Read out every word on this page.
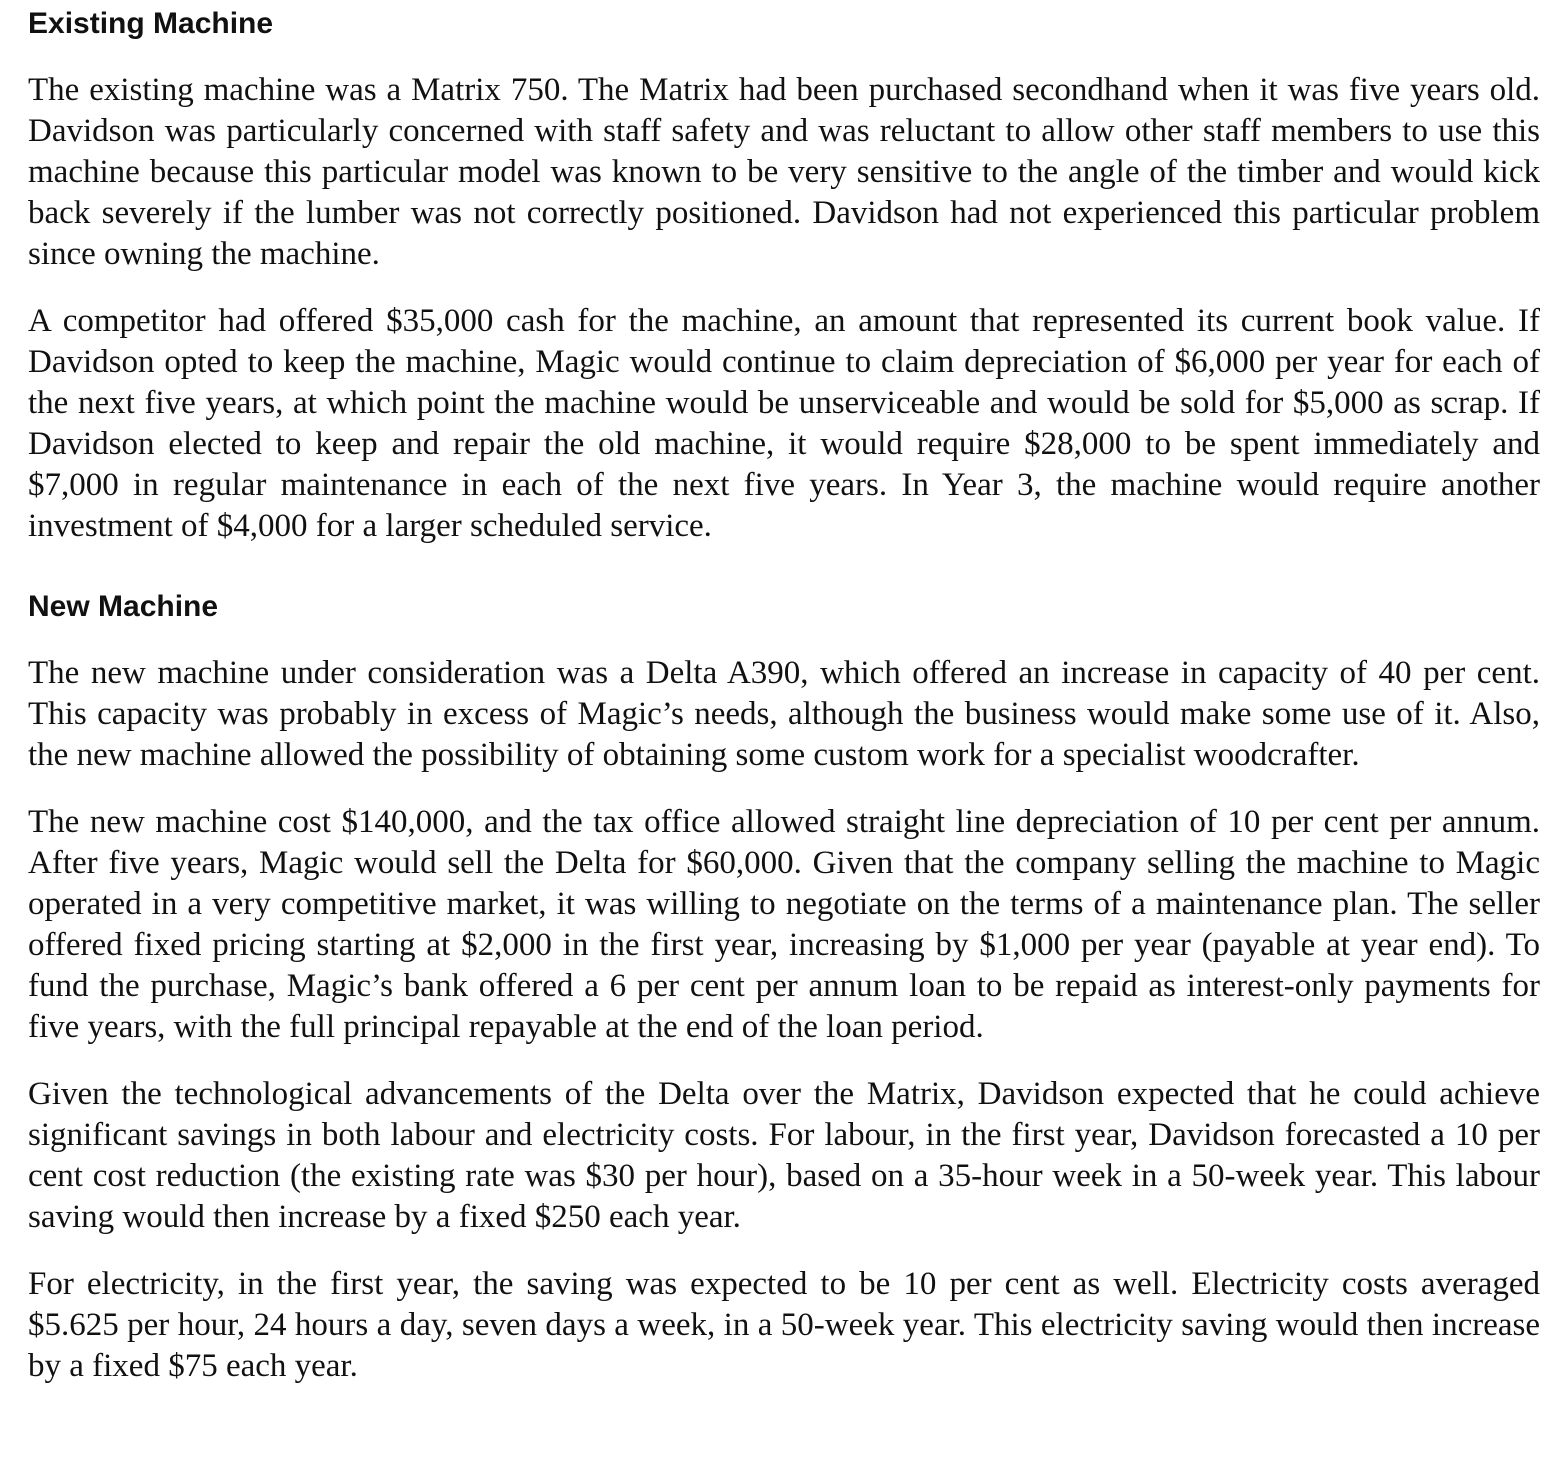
Existing Machine

The existing machine was a Matrix 750. The Matrix had been purchased secondhand when it was five years old. Davidson was particularly concerned with staff safety and was reluctant to allow other staff members to use this machine because this particular model was known to be very sensitive to the angle of the timber and would kick back severely if the lumber was not correctly positioned. Davidson had not experienced this particular problem since owning the machine.

A competitor had offered $35,000 cash for the machine, an amount that represented its current book value. If Davidson opted to keep the machine, Magic would continue to claim depreciation of $6,000 per year for each of the next five years, at which point the machine would be unserviceable and would be sold for $5,000 as scrap. If Davidson elected to keep and repair the old machine, it would require $28,000 to be spent immediately and $7,000 in regular maintenance in each of the next five years. In Year 3, the machine would require another investment of $4,000 for a larger scheduled service.

New Machine

The new machine under consideration was a Delta A390, which offered an increase in capacity of 40 per cent. This capacity was probably in excess of Magic’s needs, although the business would make some use of it. Also, the new machine allowed the possibility of obtaining some custom work for a specialist woodcrafter.

The new machine cost $140,000, and the tax office allowed straight line depreciation of 10 per cent per annum. After five years, Magic would sell the Delta for $60,000. Given that the company selling the machine to Magic operated in a very competitive market, it was willing to negotiate on the terms of a maintenance plan. The seller offered fixed pricing starting at $2,000 in the first year, increasing by $1,000 per year (payable at year end). To fund the purchase, Magic’s bank offered a 6 per cent per annum loan to be repaid as interest-only payments for five years, with the full principal repayable at the end of the loan period.

Given the technological advancements of the Delta over the Matrix, Davidson expected that he could achieve significant savings in both labour and electricity costs. For labour, in the first year, Davidson forecasted a 10 per cent cost reduction (the existing rate was $30 per hour), based on a 35-hour week in a 50-week year. This labour saving would then increase by a fixed $250 each year.

For electricity, in the first year, the saving was expected to be 10 per cent as well. Electricity costs averaged $5.625 per hour, 24 hours a day, seven days a week, in a 50-week year. This electricity saving would then increase by a fixed $75 each year.
